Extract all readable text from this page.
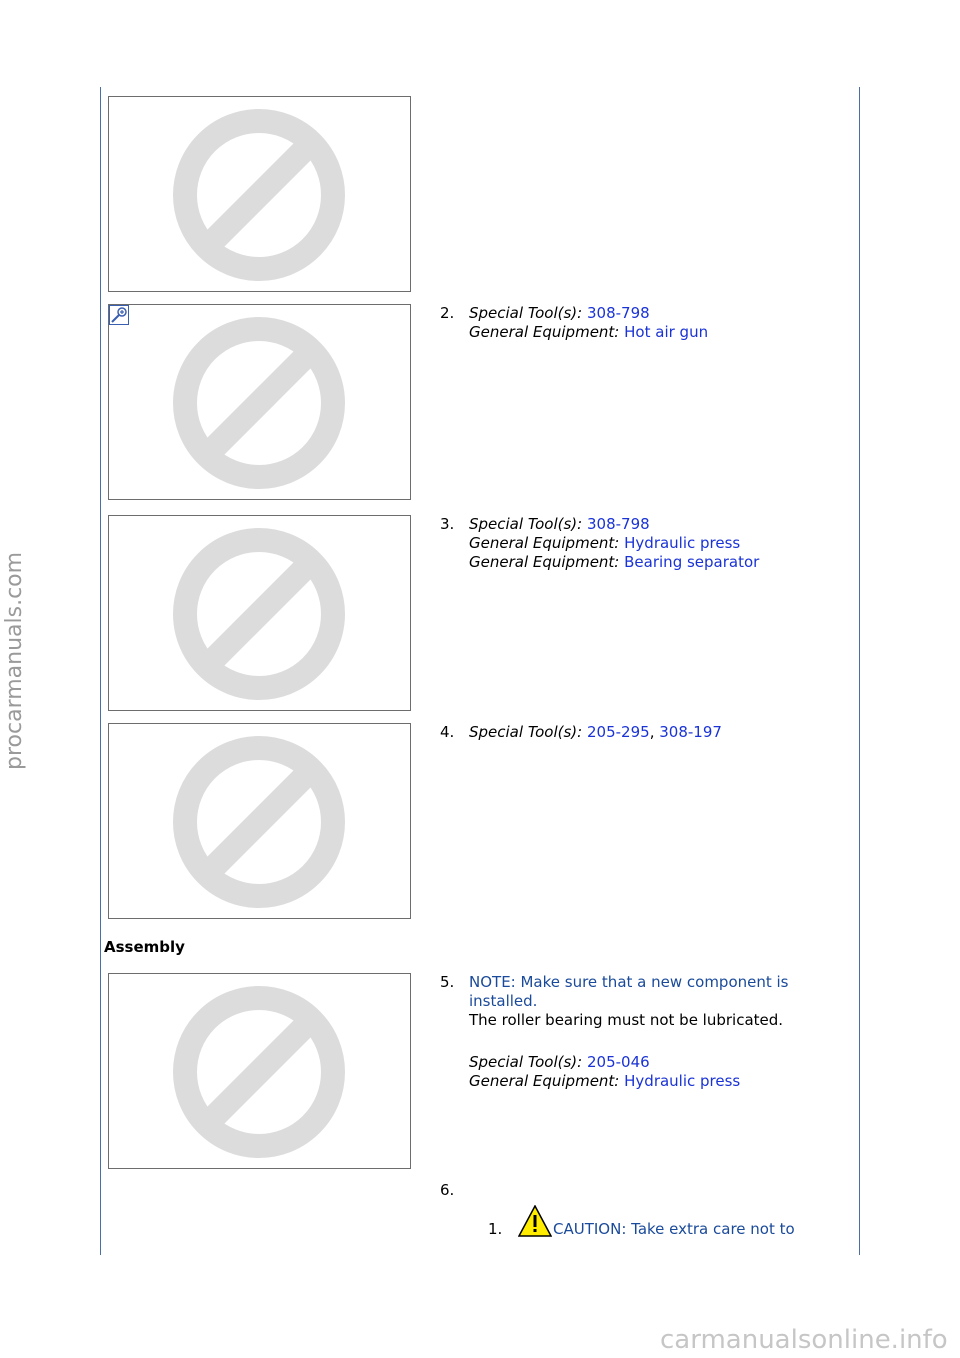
2. Special Tool(s): 308-798
General Equipment: Hot air gun
3. Special Tool(s): 308-798
General Equipment: Hydraulic press
General Equipment: Bearing separator
4. Special Tool(s): 205-295, 308-197
Assembly
5. NOTE: Make sure that a new component is installed.
The roller bearing must not be lubricated.
Special Tool(s): 205-046
General Equipment: Hydraulic press
6.
1.	CAUTION: Take extra care not to
procarmanuals.com
carmanualsonline.info
